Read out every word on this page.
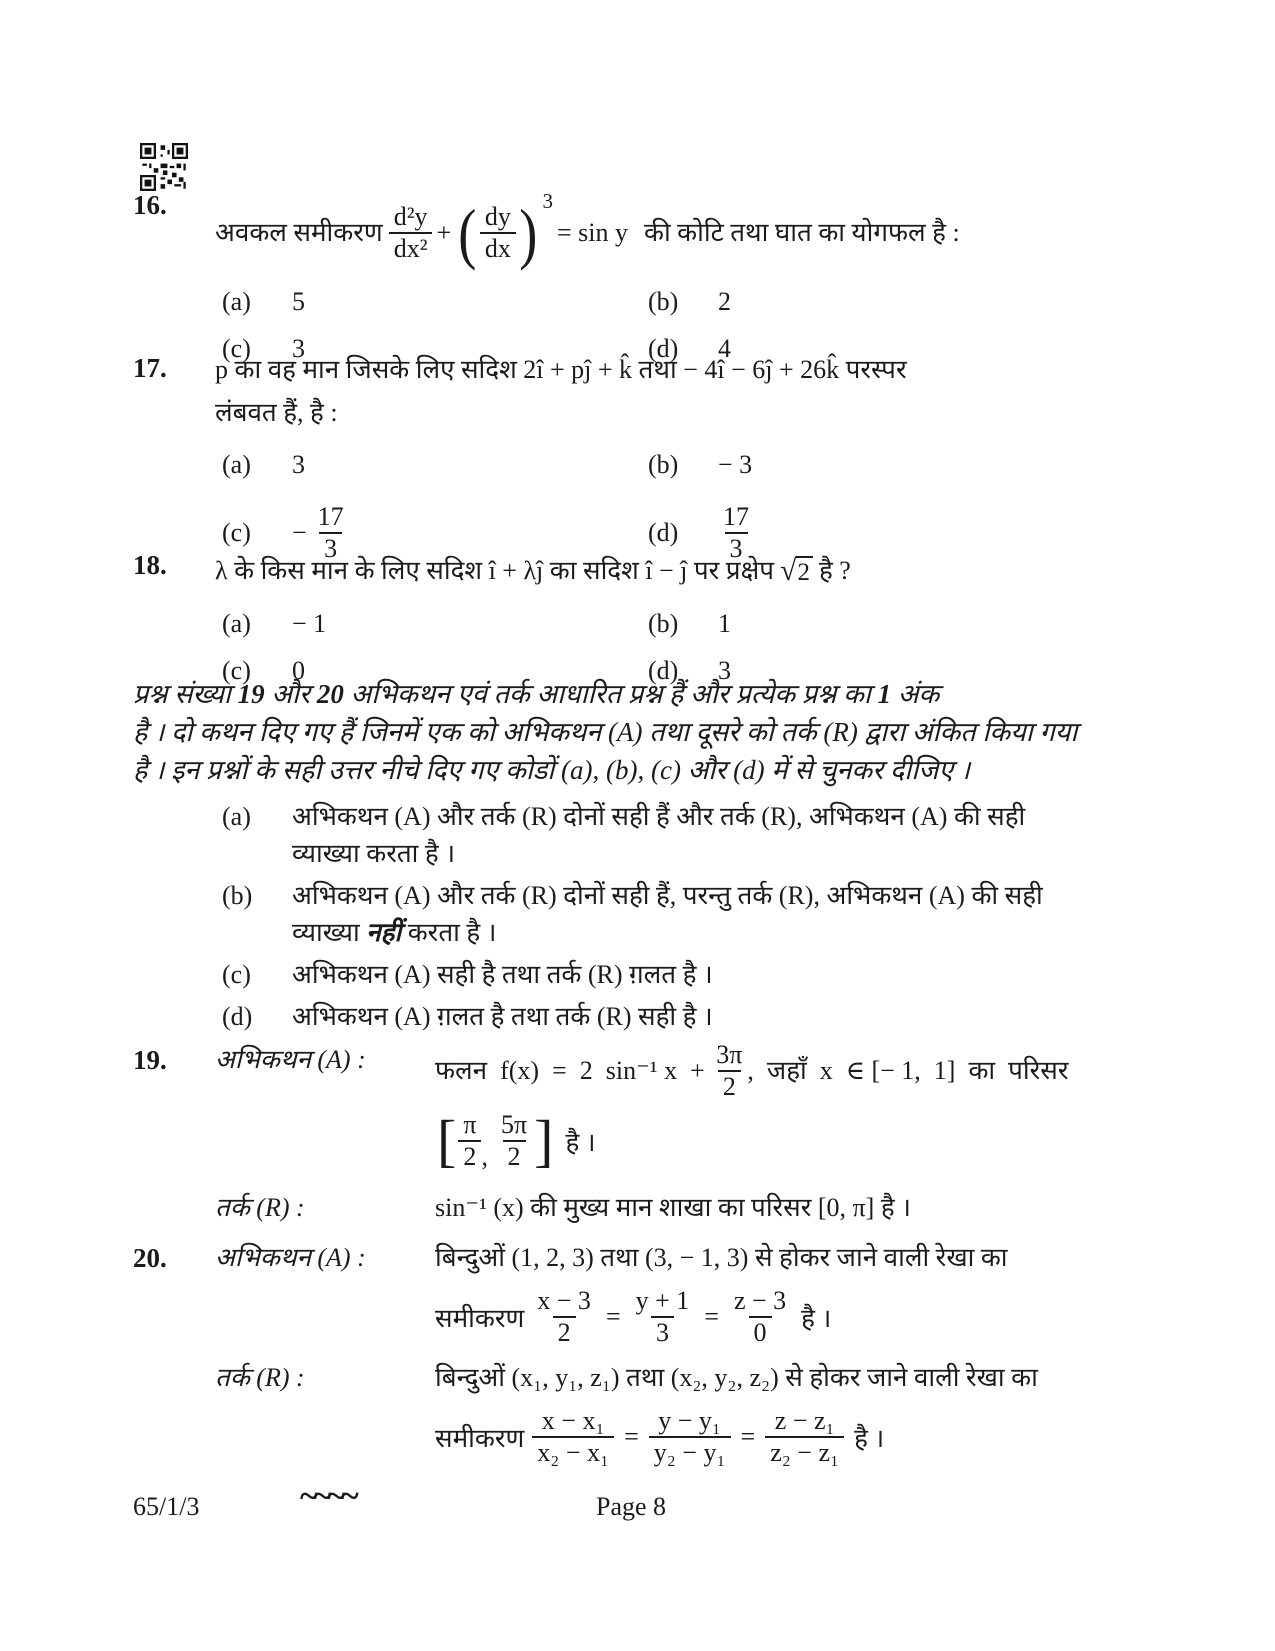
16.
अवकल समीकरण $\frac{\text{d²y}}{\text{dx²}}$ + ( $\frac{dy}{dx}$ ) 3
= sin y की कोटि तथा घात का योगफल है :
(a)	5	(b)	2
(c)	3	(d)	4
17.	p का वह मान जिसके लिए सदिश 2î + pĵ + k̂ तथा − 4î − 6ĵ + 26k̂ परस्पर
लंबवत हैं, है :
(a)	3	(b)	− 3
(c)	− $\frac{17}{3}$	(d)	$\frac{17}{3}$
18.	λ के किस मान के लिए सदिश î + λĵ का सदिश î − ĵ पर प्रक्षेप √ 2 है ?
(a)	− 1	(b)	1
(c)	0	(d)	3
प्रश्न संख्या 19 और 20 अभिकथन एवं तर्क आधारित प्रश्न हैं और प्रत्येक प्रश्न का 1 अंक
है । दो कथन दिए गए हैं जिनमें एक को अभिकथन (A) तथा दूसरे को तर्क (R) द्वारा अंकित किया गया
है । इन प्रश्नों के सही उत्तर नीचे दिए गए कोडों (a), (b), (c) और (d) में से चुनकर दीजिए ।
(a)	अभिकथन (A) और तर्क (R) दोनों सही हैं और तर्क (R), अभिकथन (A) की सही
व्याख्या करता है ।
(b)	अभिकथन (A) और तर्क (R) दोनों सही हैं, परन्तु तर्क (R), अभिकथन (A) की सही
व्याख्या नहीं करता है ।
(c)	अभिकथन (A) सही है तथा तर्क (R) ग़लत है ।
(d)	अभिकथन (A) ग़लत है तथा तर्क (R) सही है ।
19.	अभिकथन (A) :	फलन  f(x)  =  2  sin⁻¹ $x + \frac{3\pi}{2}$ ,  जहाँ  x  ∈ [− 1,  1]  का  परिसर
[ $\frac{\pi}{2}$ , $\frac{5\pi}{2}$ ] है ।
तर्क (R) :	sin⁻¹ (x) की मुख्य मान शाखा का परिसर [0, π] है ।
20.	अभिकथन (A) :	बिन्दुओं (1, 2, 3) तथा (3, − 1, 3) से होकर जाने वाली रेखा का
समीकरण $\frac{x - 3}{2} = \frac{y + 1}{3} = \frac{z - 3}{0}$ है ।
तर्क (R) :	बिन्दुओं (x₁, y₁, z₁) तथा (x₂, y₂, z₂) से होकर जाने वाली रेखा का
समीकरण $\frac{\text{x − x₁}}{\text{x₂ − x₁}} = \frac{\text{y − y₁}}{\text{y₂ − y₁}} = \frac{\text{z − z₁}}{\text{z₂ − z₁}}$ है ।
65/1/3	~~~~	Page 8
